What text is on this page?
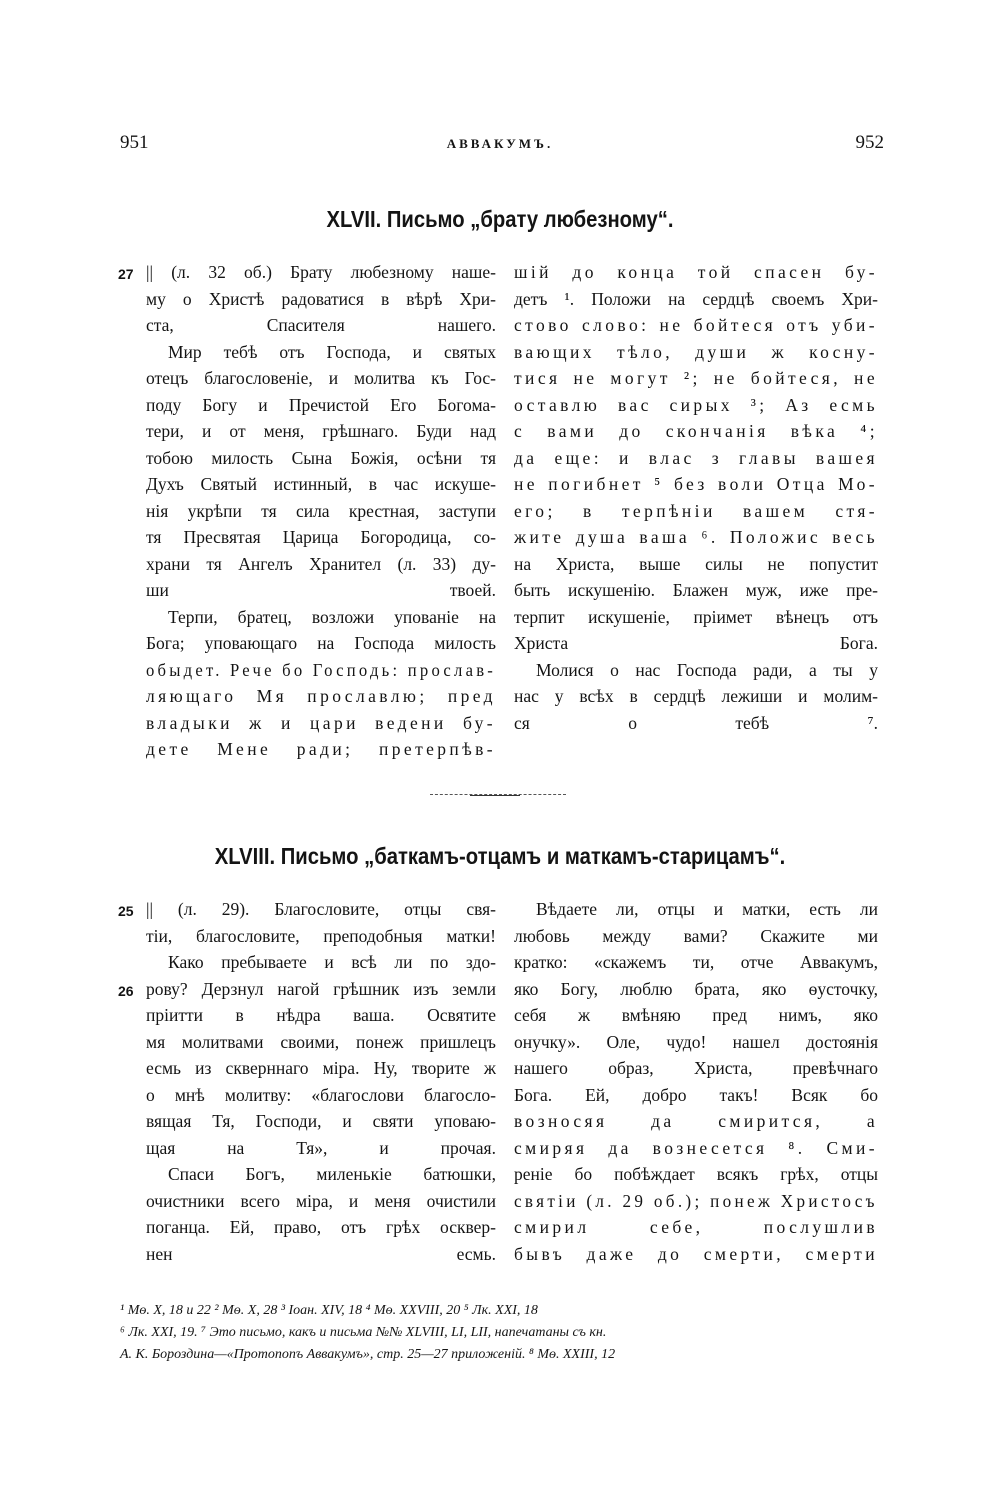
951	АВВАКУМЪ.	952
XLVII. Письмо „брату любезному“.
27 || (л. 32 об.) Брату любезному наше-
му о Христѣ радоватися в вѣрѣ Хри-
ста, Спасителя нашего.
Мир тебѣ отъ Господа, и святых
отецъ благословеніе, и молитва къ Гос-
поду Богу и Пречистой Его Богома-
тери, и от меня, грѣшнаго. Буди над
тобою милость Сына Божія, осѣни тя
Духъ Святый истинный, в час искуше-
нія укрѣпи тя сила крестная, заступи
тя Пресвятая Царица Богородица, со-
храни тя Ангелъ Хранител (л. 33) ду-
ши твоей.
Терпи, братец, возложи упованіе на
Бога; уповающаго на Господа милость
обыдет. Рече бо Господь: прослав-
ляющаго Мя прославлю; пред
владыки ж и цари ведени бу-
дете Мене ради; претерпѣв-
шій до конца той спасен бу-
детъ ¹. Положи на сердцѣ своемъ Хри-
стово слово: не бойтеся отъ уби-
вающих тѣло, души ж косну-
тися не могут ²; не бойтеся, не
оставлю вас сирых ³; Аз есмь
с вами до скончанія вѣка ⁴;
да еще: и влас з главы вашея
не погибнет ⁵ без воли Отца Мо-
его; в терпѣніи вашем стя-
жите душа ваша ⁶. Положис весь
на Христа, выше силы не попустит
быть искушенію. Блажен муж, иже пре-
терпит искушеніе, пріимет вѣнецъ отъ
Христа Бога.
Молися о нас Господа ради, а ты у
нас у всѣх в сердцѣ лежиши и молим-
ся о тебѣ ⁷.
XLVIII. Письмо „баткамъ-отцамъ и маткамъ-старицамъ“.
25
26
|| (л. 29). Благословите, отцы свя-
тіи, благословите, преподобныя матки!
Како пребываете и всѣ ли по здо-
рову? Дерзнул нагой грѣшник изъ земли
пріитти в нѣдра ваша. Освятите
мя молитвами своими, понеж пришлецъ
есмь из скверннаго міра. Ну, творите ж
о мнѣ молитву: «благослови благосло-
вящая Тя, Господи, и святи уповаю-
щая на Тя», и прочая.
Спаси Богъ, миленькіе батюшки,
очистники всего міра, и меня очистили
поганца. Ей, право, отъ грѣх осквер-
нен есмь.
Вѣдаете ли, отцы и матки, есть ли
любовь между вами? Скажите ми
кратко: «скажемъ ти, отче Аввакумъ,
яко Богу, люблю брата, яко ѳусточку,
себя ж вмѣняю пред нимъ, яко
онучку». Оле, чудо! нашел достоянія
нашего образ, Христа, превѣчнаго
Бога. Ей, добро такъ! Всяк бо
возносяя да смирится, а
смиряя да вознесется ⁸. Сми-
реніе бо побѣждает всякъ грѣх, отцы
святіи (л. 29 об.); понеж Христосъ
смирил себе, послушлив
бывъ даже до смерти, смерти
¹ Мѳ. X, 18 и 22 ² Мѳ. X, 28 ³ Іоан. XIV, 18 ⁴ Мѳ. XXVIII, 20 ⁵ Лк. XXI, 18
⁶ Лк. XXI, 19. ⁷ Это письмо, какъ и письма №№ XLVIII, LI, LII, напечатаны съ кн.
А. К. Бороздина—«Протопопъ Аввакумъ», стр. 25—27 приложеній. ⁸ Мѳ. XXIII, 12
